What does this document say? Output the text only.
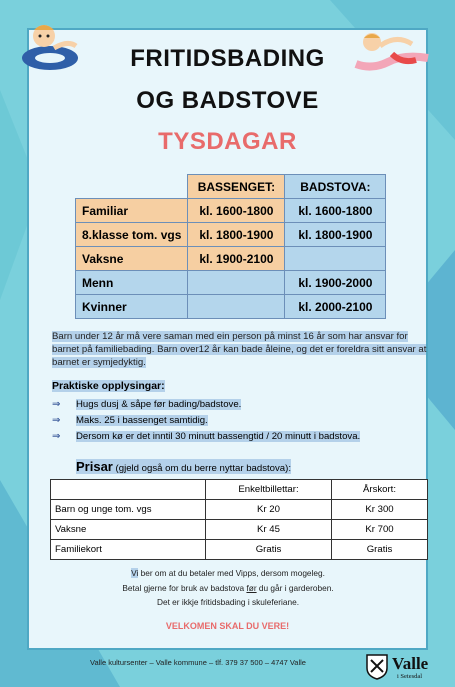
FRITIDSBADING
OG BADSTOVE
TYSDAGAR
	BASSENGET:	BADSTOVA:
Familiar	kl. 1600-1800	kl. 1600-1800
8.klasse tom. vgs	kl. 1800-1900	kl. 1800-1900
Vaksne	kl. 1900-2100	
Menn		kl. 1900-2000
Kvinner		kl. 2000-2100
Barn under 12 år må vere saman med ein person på minst 16 år som har ansvar for barnet på familiebading. Barn over12 år kan bade åleine, og det er foreldra sitt ansvar at barnet er symjedyktig.
Praktiske opplysingar:
⇒	Hugs dusj & såpe før bading/badstove.
⇒	Maks. 25 i bassenget samtidig.
⇒	Dersom kø er det inntil 30 minutt bassengtid / 20 minutt i badstova.
Prisar (gjeld også om du berre nyttar badstova):
	Enkeltbillettar:	Årskort:
Barn og unge tom. vgs	Kr 20	Kr 300
Vaksne	Kr 45	Kr 700
Familiekort	Gratis	Gratis
Vi ber om at du betaler med Vipps, dersom mogeleg.
Betal gjerne for bruk av badstova før du går i garderoben.
Det er ikkje fritidsbading i skuleferiane.
VELKOMEN SKAL DU VERE!
Valle kultursenter – Valle kommune – tlf. 379 37 500 – 4747 Valle	Valle
i Setesdal
